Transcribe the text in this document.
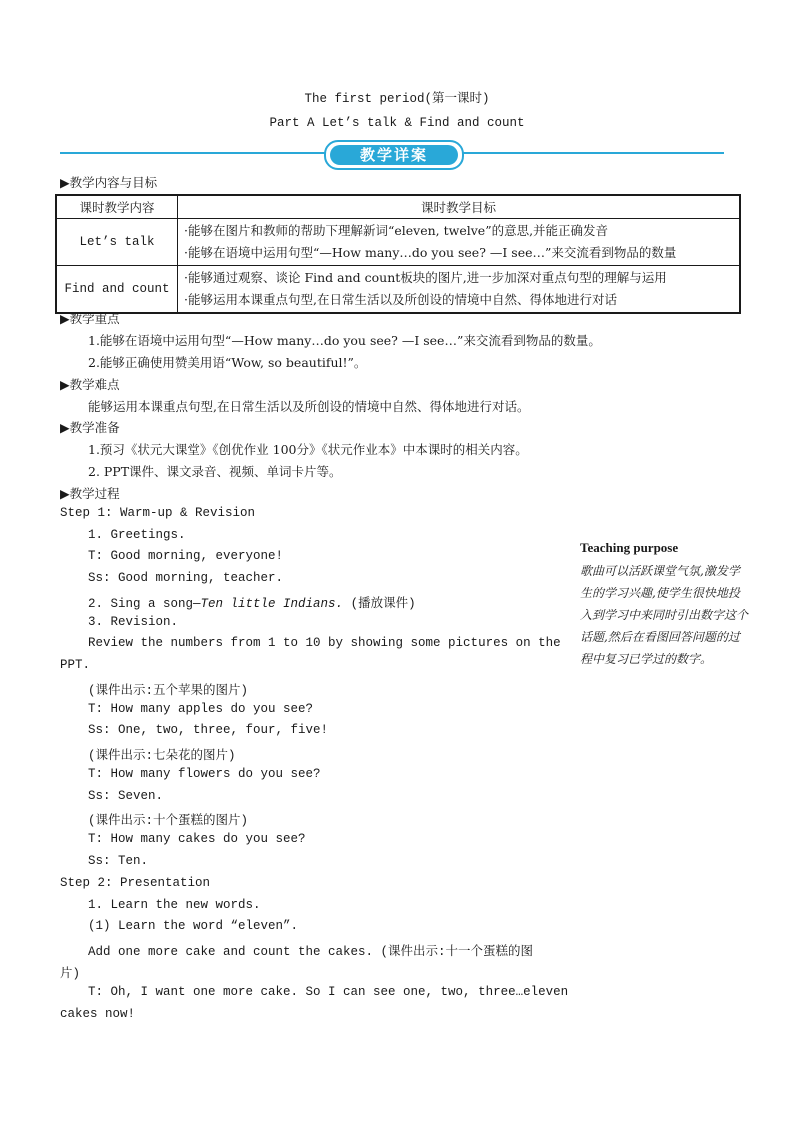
The first period(第一课时)
Part A Let’s talk & Find and count
教学详案
▶教学内容与目标
课时教学内容	课时教学目标
Let’s talk	·能够在图片和教师的帮助下理解新词“eleven, twelve”的意思,并能正确发音
·能够在语境中运用句型“—How many…do you see? —I see…”来交流看到物品的数量

Find and count	·能够通过观察、谈论 Find and count板块的图片,进一步加深对重点句型的理解与运用
·能够运用本课重点句型,在日常生活以及所创设的情境中自然、得体地进行对话
▶教学重点
1.能够在语境中运用句型“—How many…do you see? —I see…”来交流看到物品的数量。
2.能够正确使用赞美用语“Wow, so beautiful!”。
▶教学难点
能够运用本课重点句型,在日常生活以及所创设的情境中自然、得体地进行对话。
▶教学准备
1.预习《状元大课堂》《创优作业 100分》《状元作业本》中本课时的相关内容。
2. PPT课件、课文录音、视频、单词卡片等。
▶教学过程
Step 1: Warm-up & Revision
1. Greetings.
T: Good morning, everyone!
Ss: Good morning, teacher.
2. Sing a song—Ten little Indians. (播放课件)
3. Revision.
Review the numbers from 1 to 10 by showing some pictures on the
PPT.
(课件出示:五个苹果的图片)
T: How many apples do you see?
Ss: One, two, three, four, five!
(课件出示:七朵花的图片)
T: How many flowers do you see?
Ss: Seven.
(课件出示:十个蛋糕的图片)
T: How many cakes do you see?
Ss: Ten.
Step 2: Presentation
1. Learn the new words.
(1) Learn the word “eleven”.
Add one more cake and count the cakes. (课件出示:十一个蛋糕的图
片)
T: Oh, I want one more cake. So I can see one, two, three…eleven
cakes now!
Teaching purpose
歌曲可以活跃课堂气氛,激发学生的学习兴趣,使学生很快地投入到学习中来同时引出数字这个话题,然后在看图回答问题的过程中复习已学过的数字。
